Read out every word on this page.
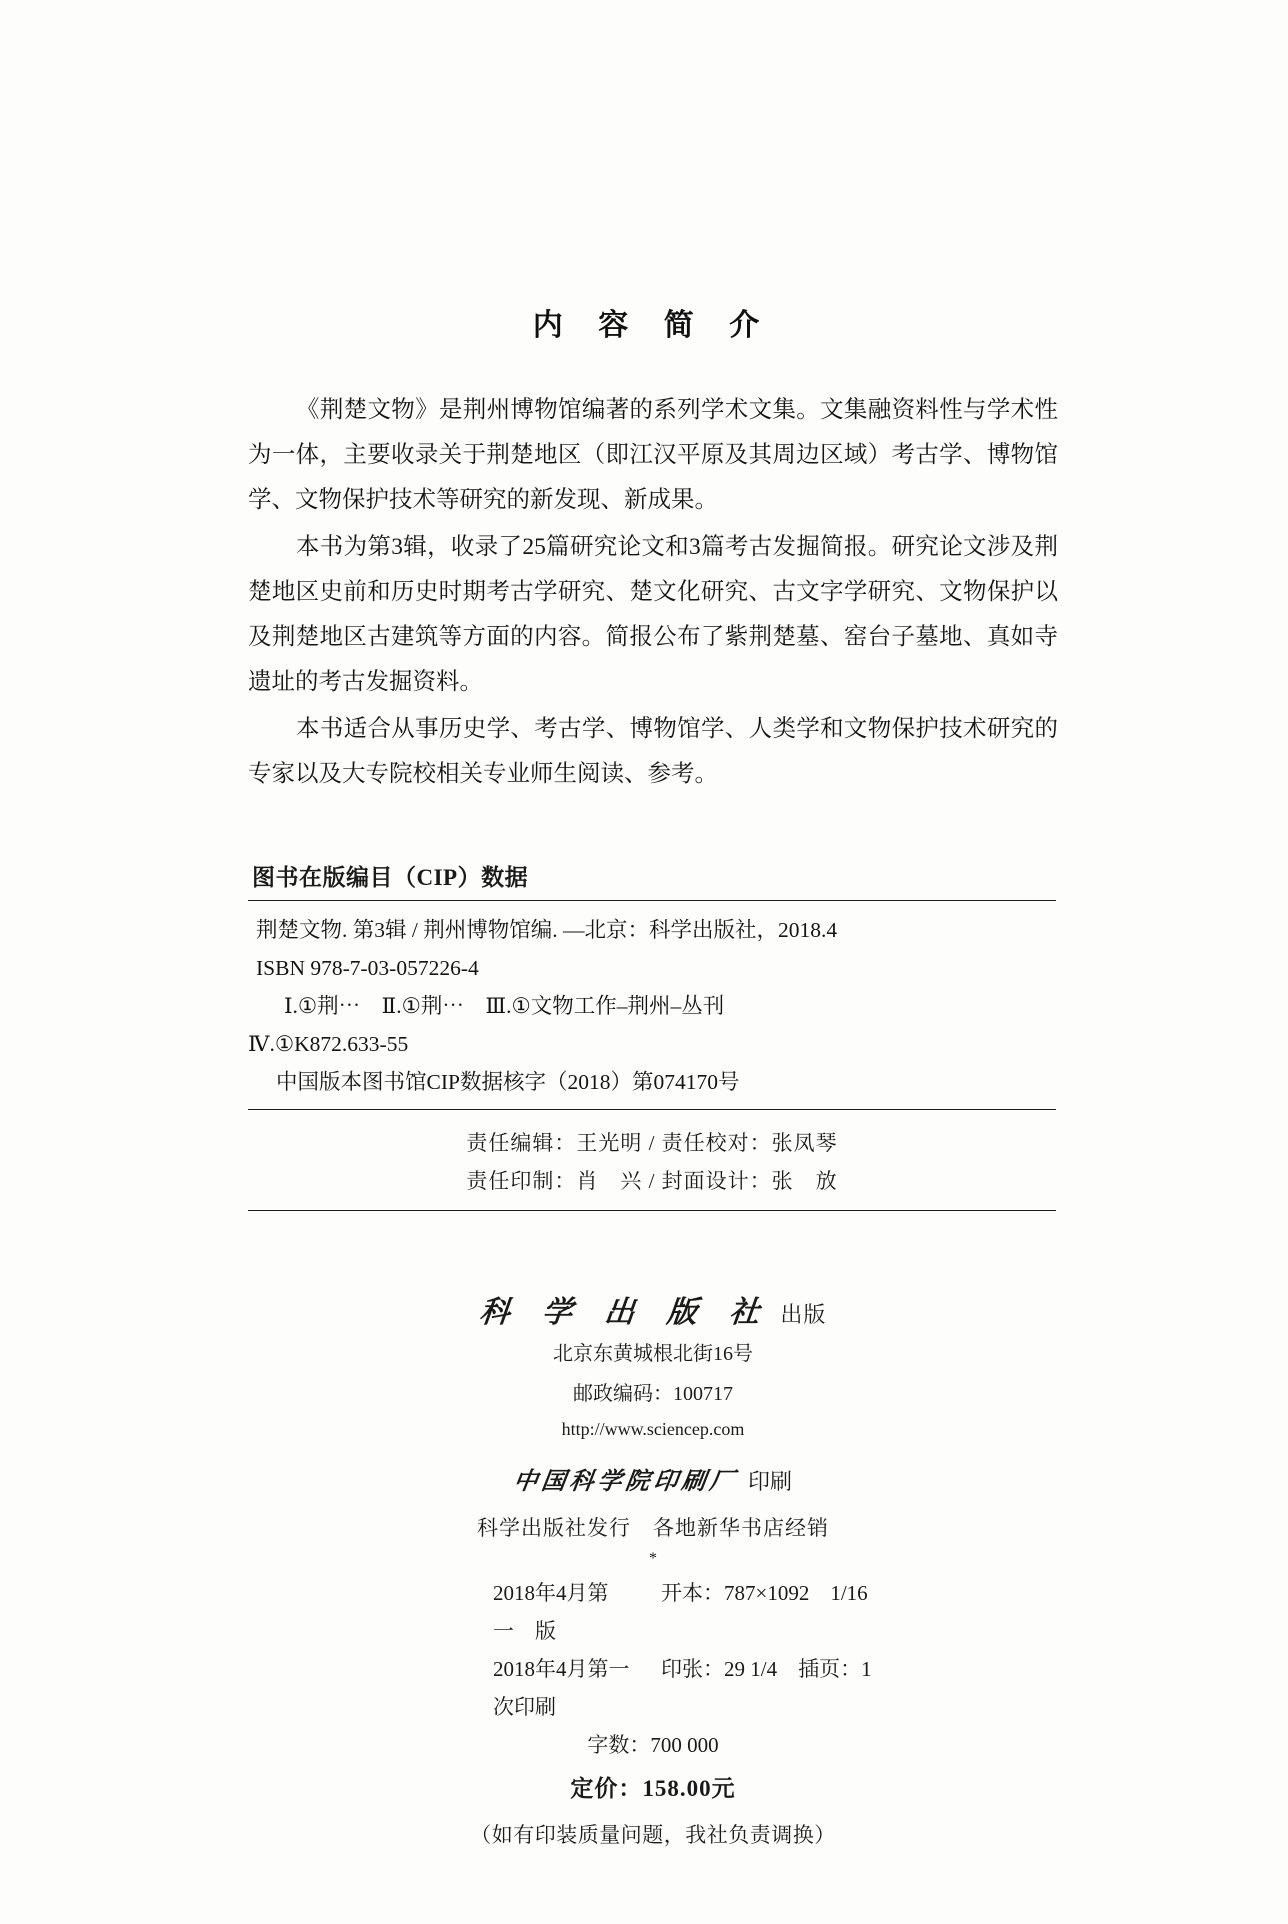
内 容 简 介

《荆楚文物》是荆州博物馆编著的系列学术文集。文集融资料性与学术性为一体，主要收录关于荆楚地区（即江汉平原及其周边区域）考古学、博物馆学、文物保护技术等研究的新发现、新成果。

本书为第3辑，收录了25篇研究论文和3篇考古发掘简报。研究论文涉及荆楚地区史前和历史时期考古学研究、楚文化研究、古文字学研究、文物保护以及荆楚地区古建筑等方面的内容。简报公布了紫荆楚墓、窑台子墓地、真如寺遗址的考古发掘资料。

本书适合从事历史学、考古学、博物馆学、人类学和文物保护技术研究的专家以及大专院校相关专业师生阅读、参考。

图书在版编目（CIP）数据

荆楚文物. 第3辑 / 荆州博物馆编. —北京：科学出版社，2018.4

ISBN 978-7-03-057226-4

Ⅰ.①荆⋯　Ⅱ.①荆⋯　Ⅲ.①文物工作–荆州–丛刊

Ⅳ.①K872.633-55

中国版本图书馆CIP数据核字（2018）第074170号

责任编辑：王光明 / 责任校对：张凤琴

责任印制：肖　兴 / 封面设计：张　放

科 学 出 版 社 出版

北京东黄城根北街16号

邮政编码：100717

http://www.sciencep.com

中国科学院印刷厂 印刷
科学出版社发行　各地新华书店经销
*
2018年4月第　一　版
开本：787×1092　1/16
2018年4月第一次印刷
印张：29 1/4　插页：1
字数：700 000
定价：158.00元
（如有印装质量问题，我社负责调换）
